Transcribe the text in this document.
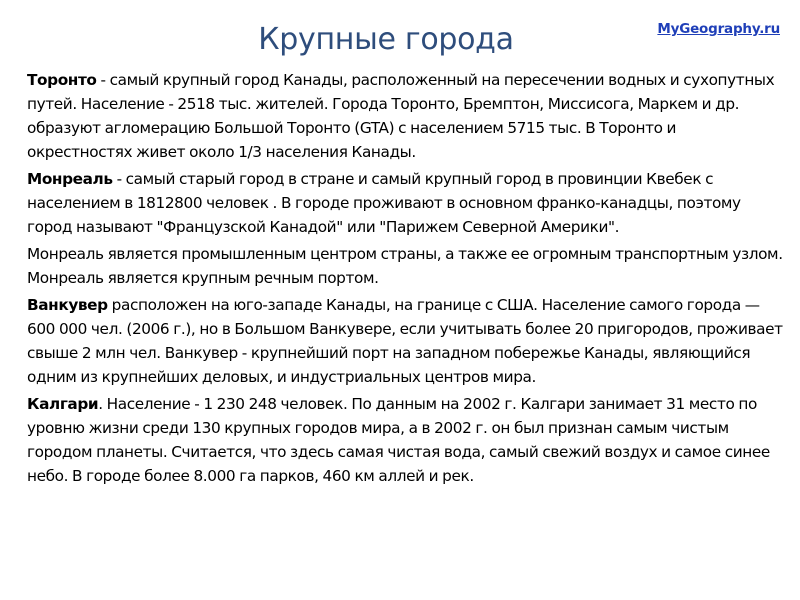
Крупные города	MyGeography.ru

Торонто - самый крупный город Канады, расположенный на пересечении водных и сухопутных путей. Население - 2518 тыс. жителей. Города Торонто, Бремптон, Миссисога, Маркем и др. образуют агломерацию Большой Торонто (GTA) с населением 5715 тыс. В Торонто и окрестностях живет около 1/3 населения Канады.

Монреаль - самый старый город в стране и самый крупный город в провинции Квебек с населением в 1812800 человек . В городе проживают в основном франко-канадцы, поэтому город называют "Французской Канадой" или "Парижем Северной Америки".

Монреаль является промышленным центром страны, а также ее огромным транспортным узлом. Монреаль является крупным речным портом.

Ванкувер расположен на юго-западе Канады, на границе с США. Население самого города — 600 000 чел. (2006 г.), но в Большом Ванкувере, если учитывать более 20 пригородов, проживает свыше 2 млн чел. Ванкувер - крупнейший порт на западном побережье Канады, являющийся одним из крупнейших деловых, и индустриальных центров мира.

Калгари. Население - 1 230 248 человек. По данным на 2002 г. Калгари занимает 31 место по уровню жизни среди 130 крупных городов мира, а в 2002 г. он был признан самым чистым городом планеты. Считается, что здесь самая чистая вода, самый свежий воздух и самое синее небо. В городе более 8.000 га парков, 460 км аллей и рек.
